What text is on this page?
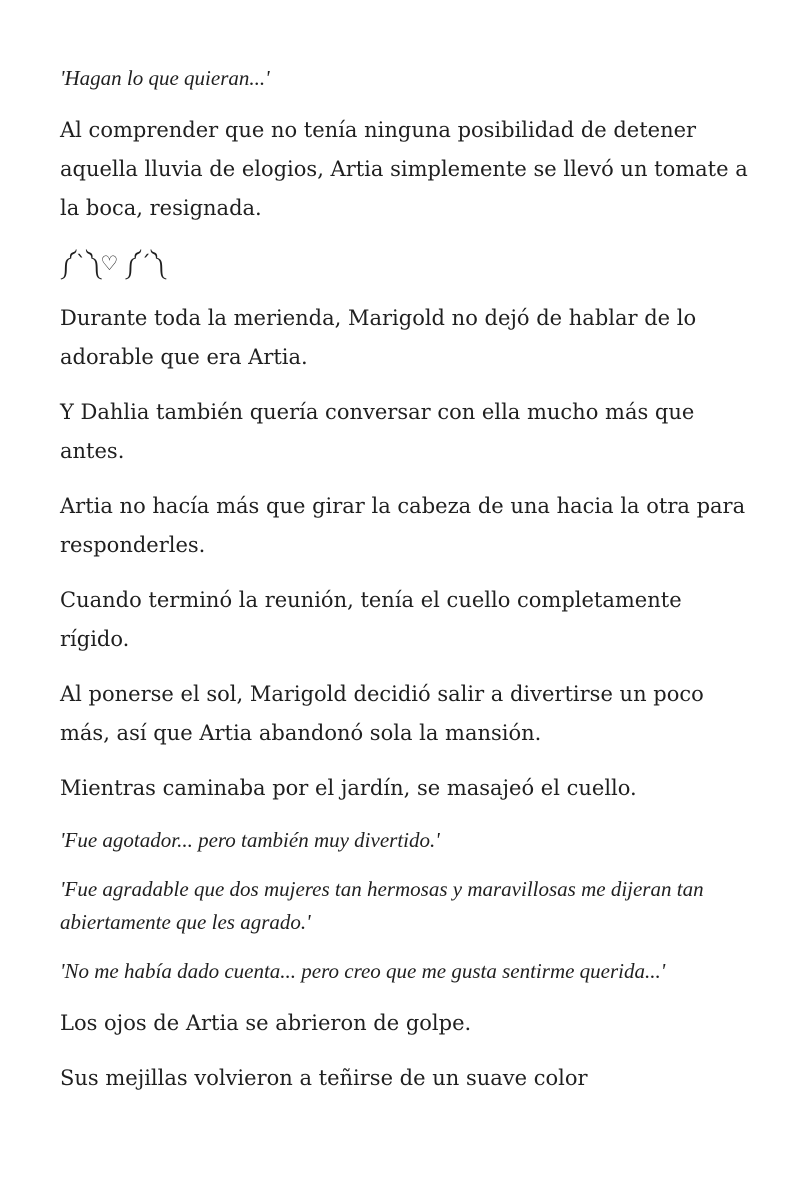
'Hagan lo que quieran...'

Al comprender que no tenía ninguna posibilidad de detener aquella lluvia de elogios, Artia simplemente se llevó un tomate a la boca, resignada.

༼`༽♡ ༼´༽

Durante toda la merienda, Marigold no dejó de hablar de lo adorable que era Artia.

Y Dahlia también quería conversar con ella mucho más que antes.

Artia no hacía más que girar la cabeza de una hacia la otra para responderles.

Cuando terminó la reunión, tenía el cuello completamente rígido.

Al ponerse el sol, Marigold decidió salir a divertirse un poco más, así que Artia abandonó sola la mansión.

Mientras caminaba por el jardín, se masajeó el cuello.

'Fue agotador... pero también muy divertido.'

'Fue agradable que dos mujeres tan hermosas y maravillosas me dijeran tan abiertamente que les agrado.'

'No me había dado cuenta... pero creo que me gusta sentirme querida...'

Los ojos de Artia se abrieron de golpe.

Sus mejillas volvieron a teñirse de un suave color
